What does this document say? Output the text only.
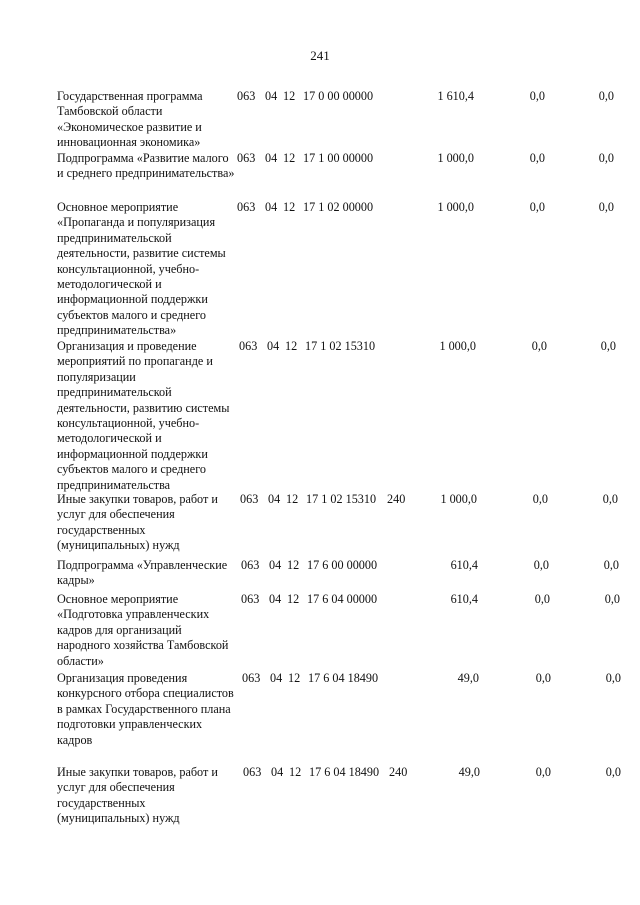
241
Государственная программа Тамбовской области «Экономическое развитие и инновационная экономика»
063 04 12 17 0 00 00000	1 610,4	0,0	0,0
Подпрограмма «Развитие малого и среднего предпринимательства»
063 04 12 17 1 00 00000	1 000,0	0,0	0,0
Основное мероприятие «Пропаганда и популяризация предпринимательской деятельности, развитие системы консультационной, учебно-методологической и информационной поддержки субъектов малого и среднего предпринимательства»
063 04 12 17 1 02 00000	1 000,0	0,0	0,0
Организация и проведение мероприятий по пропаганде и популяризации предпринимательской деятельности, развитию системы консультационной, учебно-методологической и информационной поддержки субъектов малого и среднего предпринимательства
063 04 12 17 1 02 15310	1 000,0	0,0	0,0
Иные закупки товаров, работ и услуг для обеспечения государственных (муниципальных) нужд
063 04 12 17 1 02 15310 240	1 000,0	0,0	0,0
Подпрограмма «Управленческие кадры»
063 04 12 17 6 00 00000	610,4	0,0	0,0
Основное мероприятие «Подготовка управленческих кадров для организаций народного хозяйства Тамбовской области»
063 04 12 17 6 04 00000	610,4	0,0	0,0
Организация проведения конкурсного отбора специалистов в рамках Государственного плана подготовки управленческих кадров
063 04 12 17 6 04 18490	49,0	0,0	0,0
Иные закупки товаров, работ и услуг для обеспечения государственных (муниципальных) нужд
063 04 12 17 6 04 18490 240	49,0	0,0	0,0
